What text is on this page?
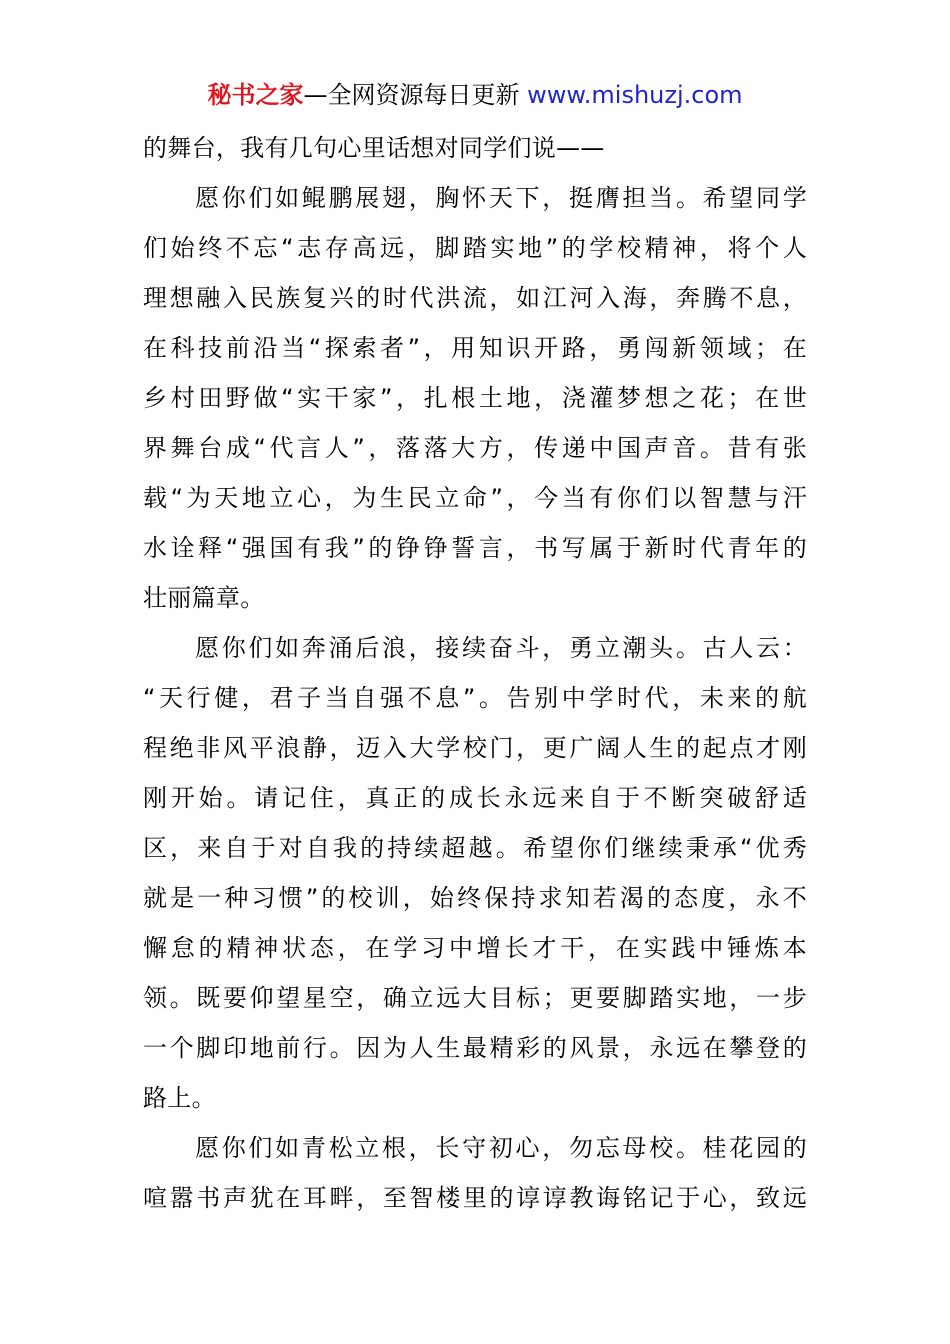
秘书之家—全网资源每日更新 www.mishuzj.com
的舞台，我有几句心里话想对同学们说——
愿你们如鲲鹏展翅，胸怀天下，挺膺担当。希望同学
们始终不忘“志存高远，脚踏实地”的学校精神，将个人
理想融入民族复兴的时代洪流，如江河入海，奔腾不息，
在科技前沿当“探索者”，用知识开路，勇闯新领域；在
乡村田野做“实干家”，扎根土地，浇灌梦想之花；在世
界舞台成“代言人”，落落大方，传递中国声音。昔有张
载“为天地立心，为生民立命”，今当有你们以智慧与汗
水诠释“强国有我”的铮铮誓言，书写属于新时代青年的
壮丽篇章。
愿你们如奔涌后浪，接续奋斗，勇立潮头。古人云：
“天行健，君子当自强不息”。告别中学时代，未来的航
程绝非风平浪静，迈入大学校门，更广阔人生的起点才刚
刚开始。请记住，真正的成长永远来自于不断突破舒适
区，来自于对自我的持续超越。希望你们继续秉承“优秀
就是一种习惯”的校训，始终保持求知若渴的态度，永不
懈怠的精神状态，在学习中增长才干，在实践中锤炼本
领。既要仰望星空，确立远大目标；更要脚踏实地，一步
一个脚印地前行。因为人生最精彩的风景，永远在攀登的
路上。
愿你们如青松立根，长守初心，勿忘母校。桂花园的
喧嚣书声犹在耳畔，至智楼里的谆谆教诲铭记于心，致远
